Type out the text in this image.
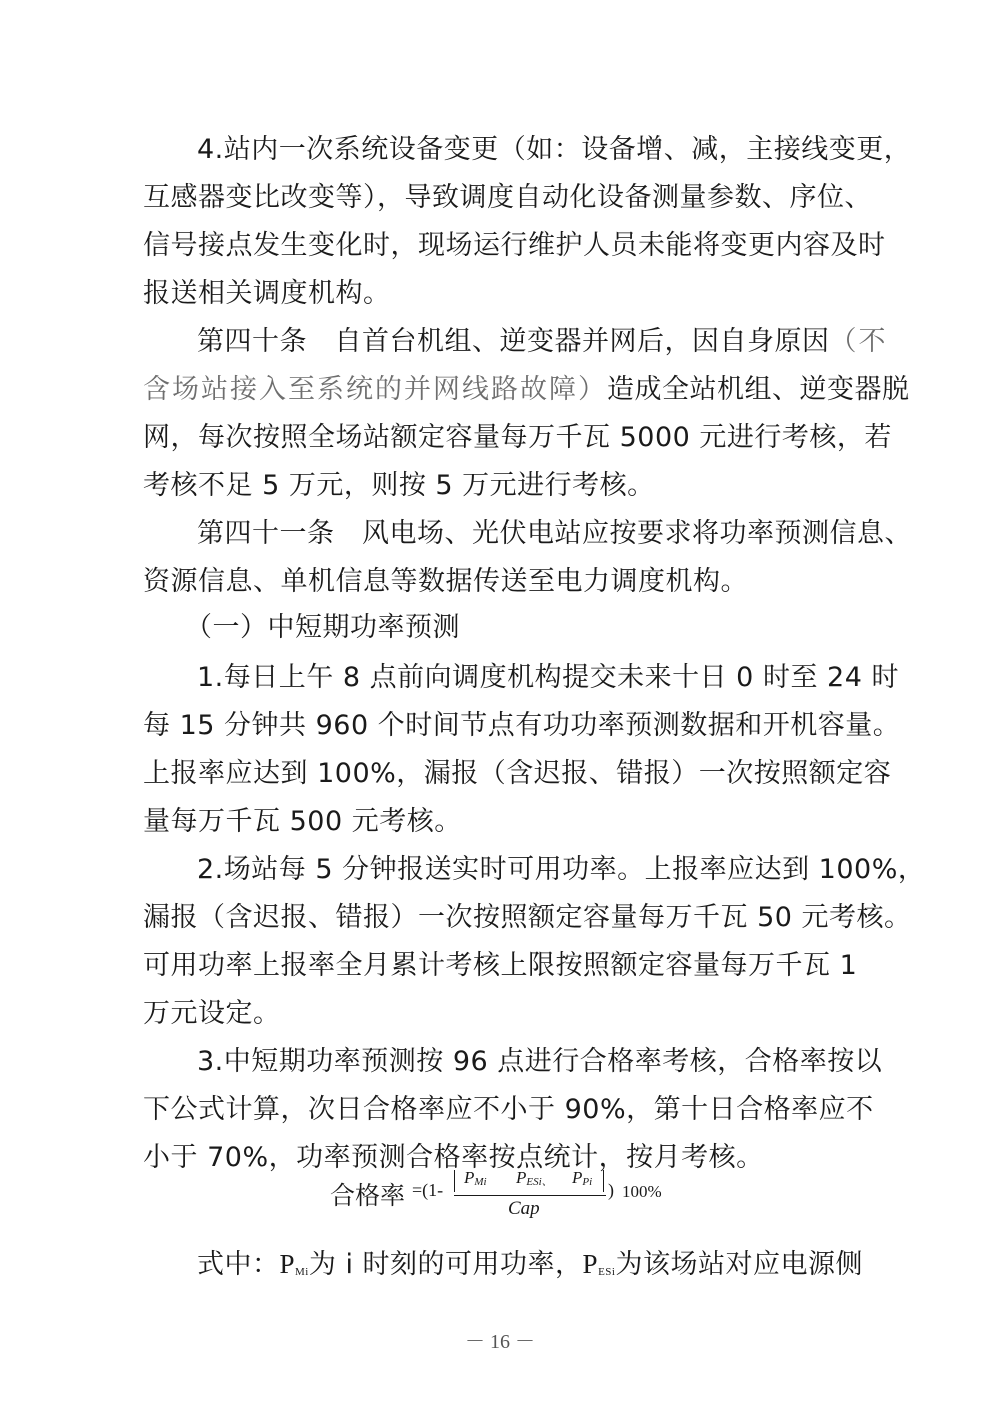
4.站内一次系统设备变更（如：设备增、减，主接线变更，
互感器变比改变等），导致调度自动化设备测量参数、序位、
信号接点发生变化时，现场运行维护人员未能将变更内容及时
报送相关调度机构。
第四十条　自首台机组、逆变器并网后，因自身原因（不
含场站接入至系统的并网线路故障）造成全站机组、逆变器脱
网，每次按照全场站额定容量每万千瓦 5000 元进行考核，若
考核不足 5 万元，则按 5 万元进行考核。
第四十一条　风电场、光伏电站应按要求将功率预测信息、
资源信息、单机信息等数据传送至电力调度机构。
（一）中短期功率预测
1.每日上午 8 点前向调度机构提交未来十日 0 时至 24 时
每 15 分钟共 960 个时间节点有功功率预测数据和开机容量。
上报率应达到 100%，漏报（含迟报、错报）一次按照额定容
量每万千瓦 500 元考核。
2.场站每 5 分钟报送实时可用功率。上报率应达到 100%，
漏报（含迟报、错报）一次按照额定容量每万千瓦 50 元考核。
可用功率上报率全月累计考核上限按照额定容量每万千瓦 1
万元设定。
3.中短期功率预测按 96 点进行合格率考核，合格率按以
下公式计算，次日合格率应不小于 90%，第十日合格率应不
小于 70%，功率预测合格率按点统计，按月考核。
合格率 =(1-
PMi PESi、 PPi
Cap
) 100%
式中：PMi为 i 时刻的可用功率，PESi为该场站对应电源侧
－ 16 －
